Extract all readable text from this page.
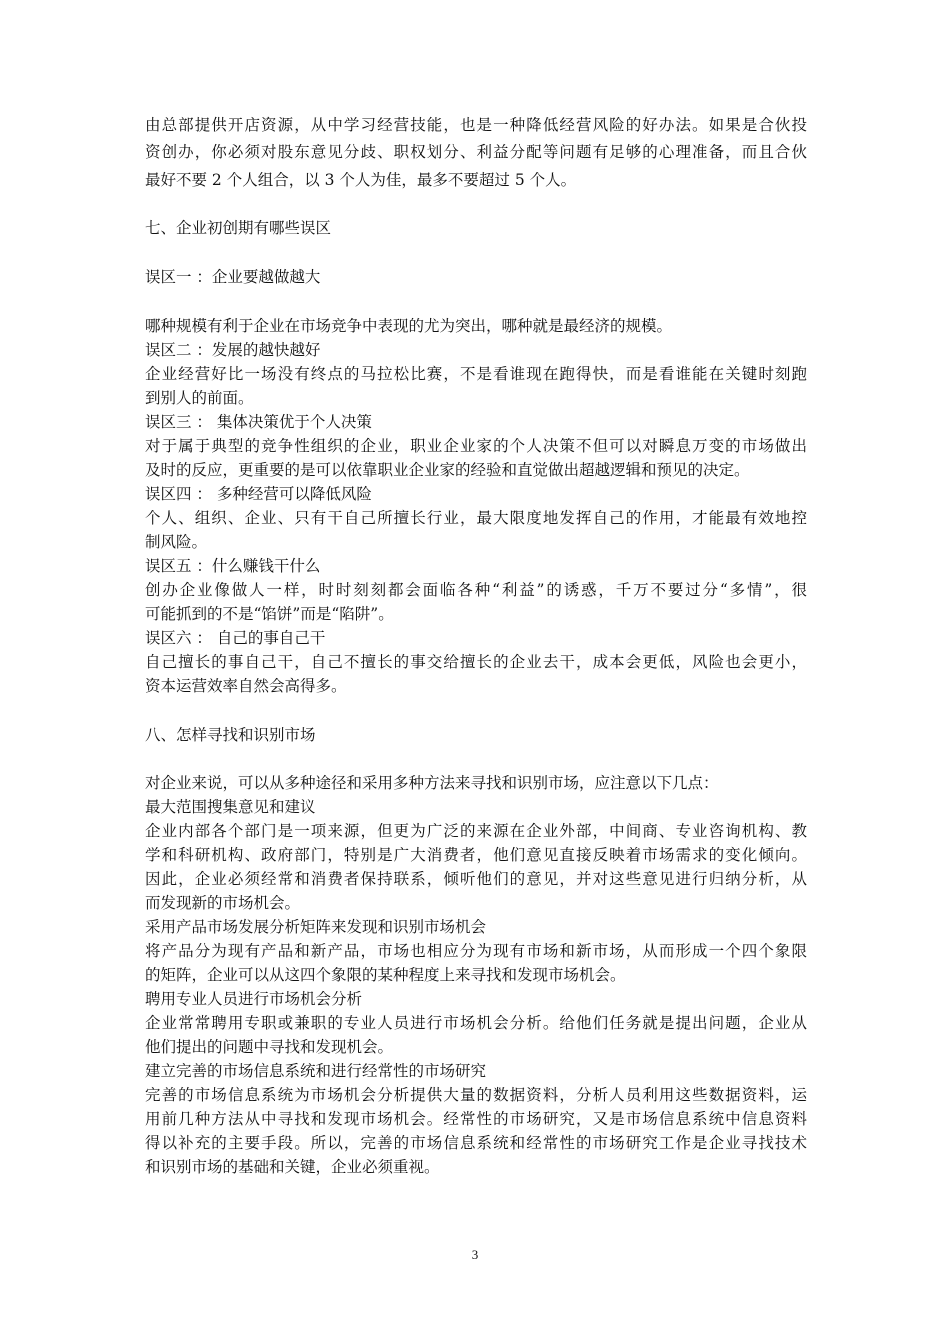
由总部提供开店资源，从中学习经营技能，也是一种降低经营风险的好办法。如果是合伙投
资创办，你必须对股东意见分歧、职权划分、利益分配等问题有足够的心理准备，而且合伙
最好不要 2 个人组合，以 3 个人为佳，最多不要超过 5 个人。
七、企业初创期有哪些误区
误区一 ：企业要越做越大
哪种规模有利于企业在市场竞争中表现的尤为突出，哪种就是最经济的规模。
误区二 ：发展的越快越好
企业经营好比一场没有终点的马拉松比赛，不是看谁现在跑得快，而是看谁能在关键时刻跑
到别人的前面。
误区三 ： 集体决策优于个人决策
对于属于典型的竞争性组织的企业，职业企业家的个人决策不但可以对瞬息万变的市场做出
及时的反应，更重要的是可以依靠职业企业家的经验和直觉做出超越逻辑和预见的决定。
误区四 ： 多种经营可以降低风险
个人、组织、企业、只有干自己所擅长行业，最大限度地发挥自己的作用，才能最有效地控
制风险。
误区五 ：什么赚钱干什么
创办企业像做人一样，时时刻刻都会面临各种“利益”的诱惑，千万不要过分“多情”，很
可能抓到的不是“馅饼”而是“陷阱”。
误区六 ： 自己的事自己干
自己擅长的事自己干，自己不擅长的事交给擅长的企业去干，成本会更低，风险也会更小，
资本运营效率自然会高得多。
八、怎样寻找和识别市场
对企业来说，可以从多种途径和采用多种方法来寻找和识别市场，应注意以下几点：
最大范围搜集意见和建议
企业内部各个部门是一项来源，但更为广泛的来源在企业外部，中间商、专业咨询机构、教
学和科研机构、政府部门，特别是广大消费者，他们意见直接反映着市场需求的变化倾向。
因此，企业必须经常和消费者保持联系，倾听他们的意见，并对这些意见进行归纳分析，从
而发现新的市场机会。
采用产品市场发展分析矩阵来发现和识别市场机会
将产品分为现有产品和新产品，市场也相应分为现有市场和新市场，从而形成一个四个象限
的矩阵，企业可以从这四个象限的某种程度上来寻找和发现市场机会。
聘用专业人员进行市场机会分析
企业常常聘用专职或兼职的专业人员进行市场机会分析。给他们任务就是提出问题，企业从
他们提出的问题中寻找和发现机会。
建立完善的市场信息系统和进行经常性的市场研究
完善的市场信息系统为市场机会分析提供大量的数据资料，分析人员利用这些数据资料，运
用前几种方法从中寻找和发现市场机会。经常性的市场研究，又是市场信息系统中信息资料
得以补充的主要手段。所以，完善的市场信息系统和经常性的市场研究工作是企业寻找技术
和识别市场的基础和关键，企业必须重视。
3
